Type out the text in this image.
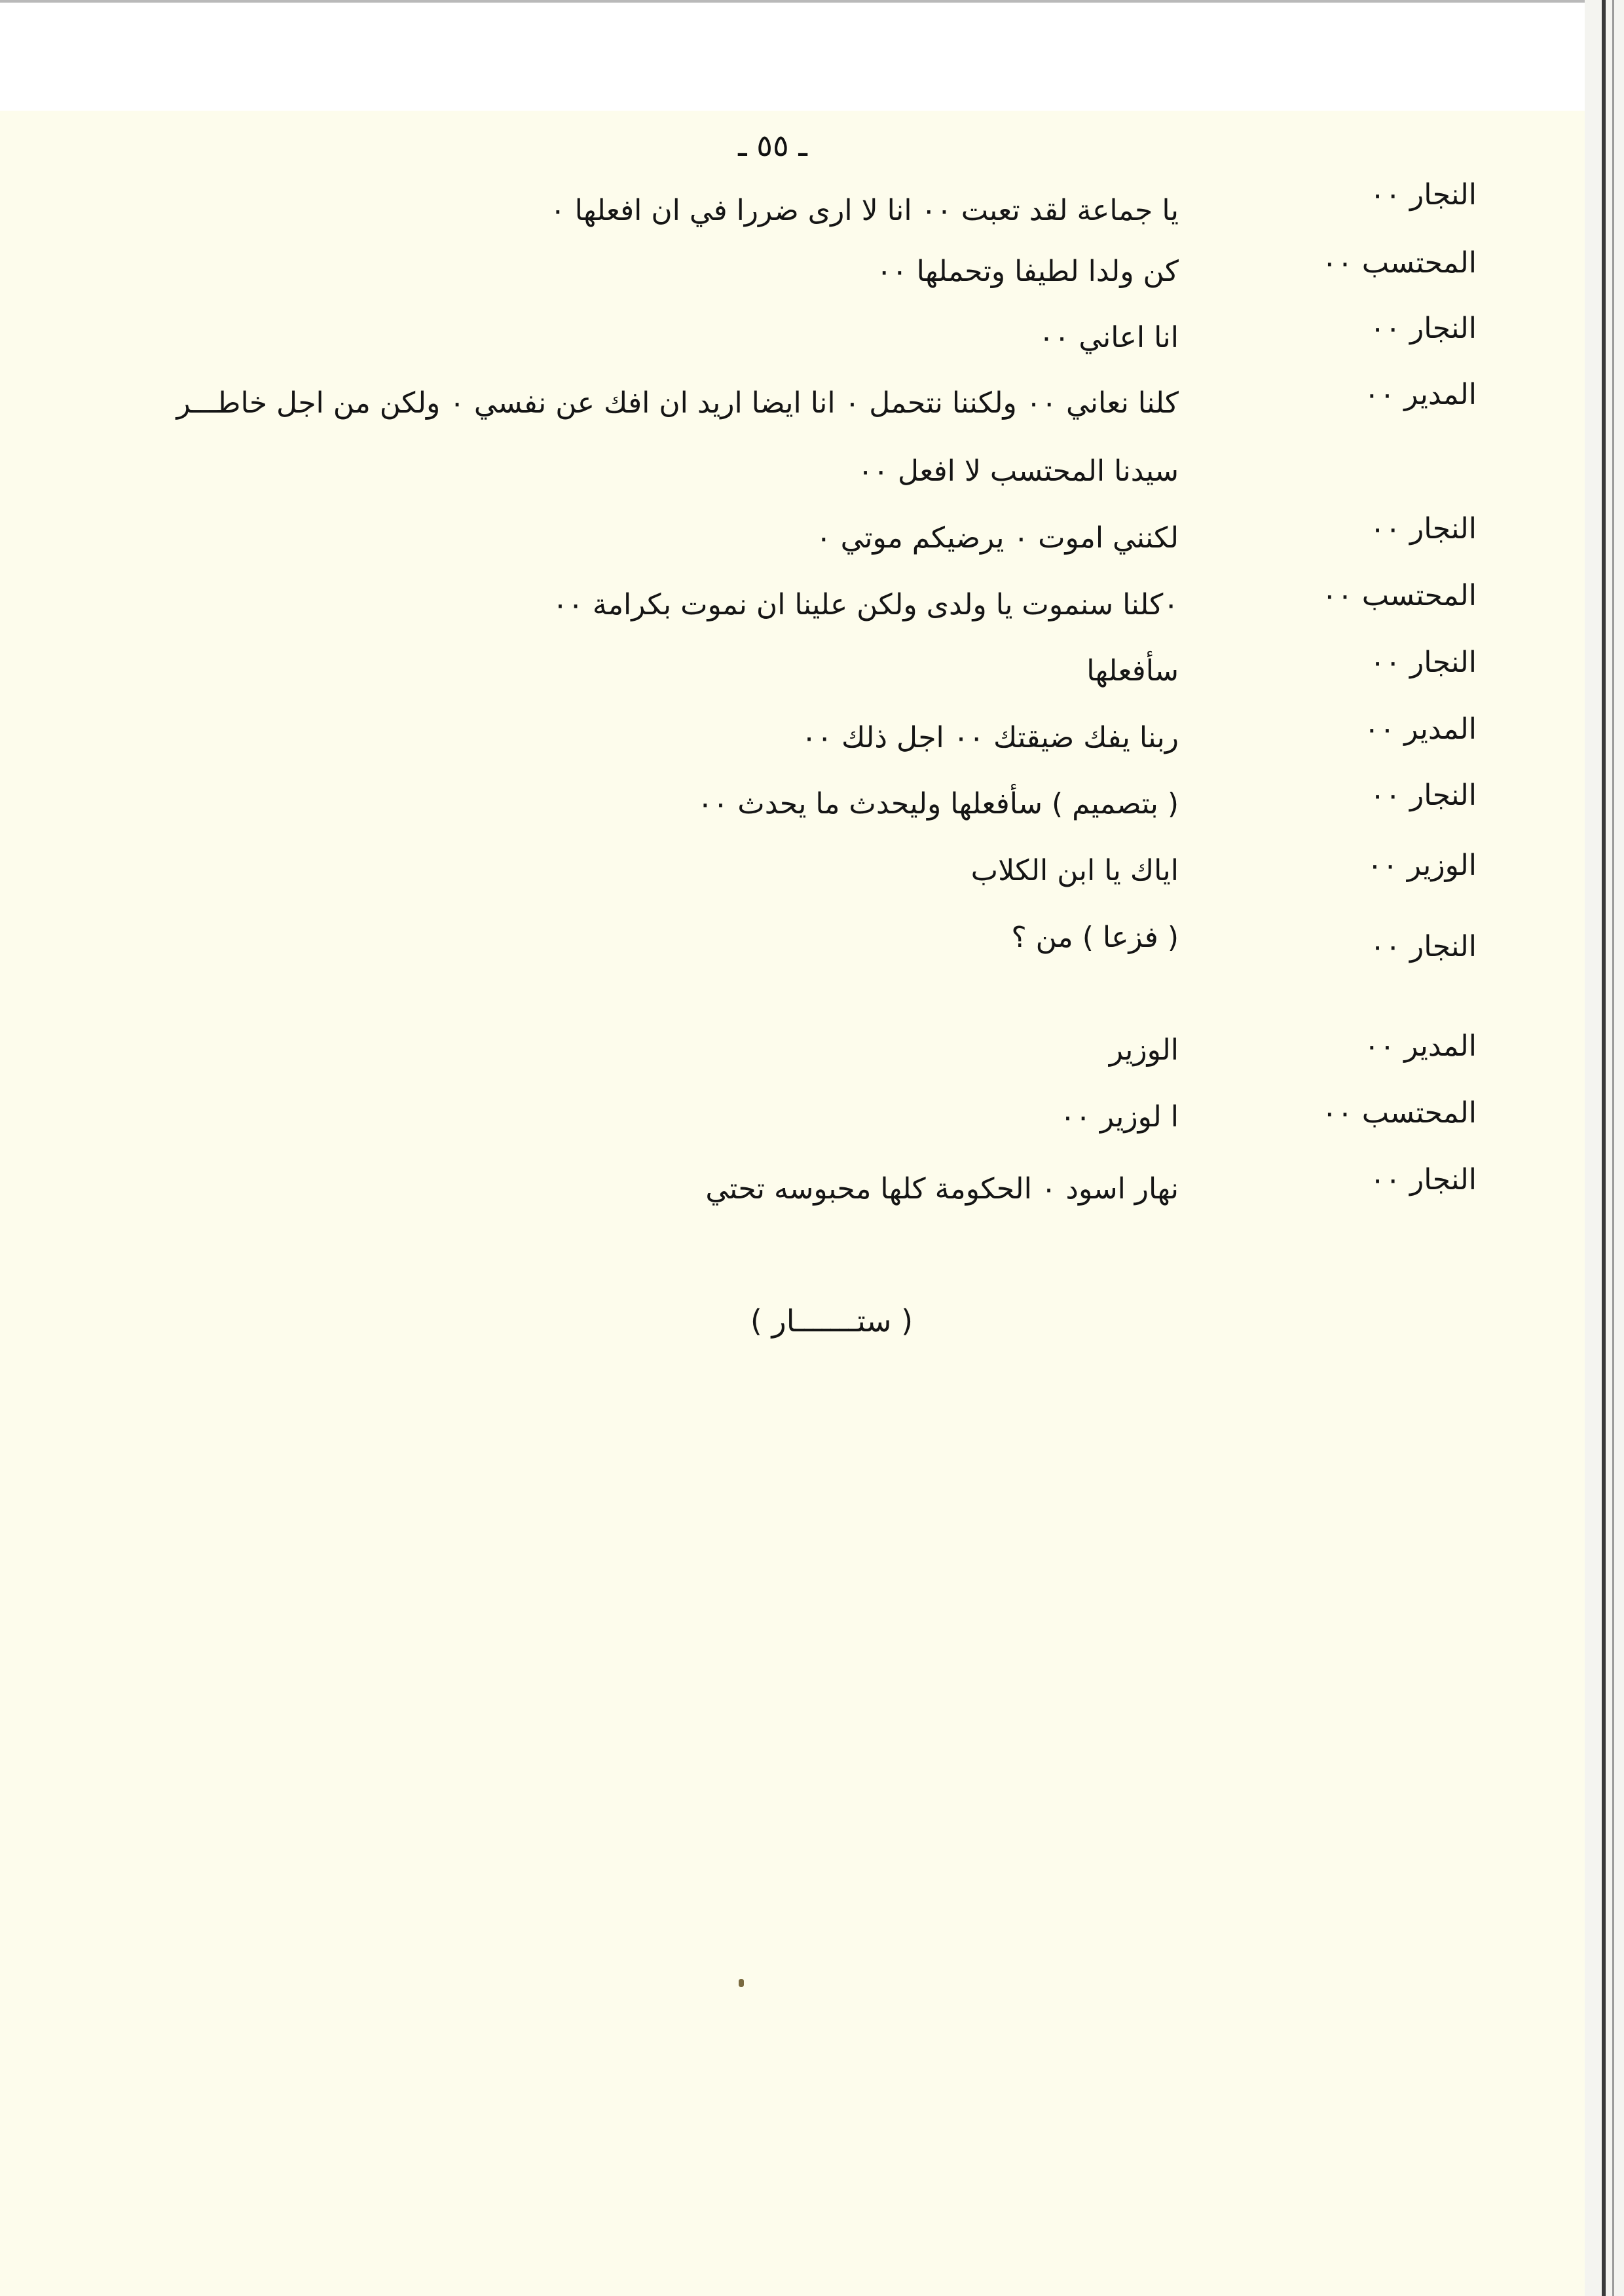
ـ ٥٥ ـ
النجار ٠٠
يا جماعة لقد تعبت ٠٠ انا لا ارى ضررا في ان افعلها ٠
المحتسب ٠٠
كن ولدا لطيفا وتحملها ٠٠
النجار ٠٠
انا اعاني ٠٠
المدير ٠٠
كلنا نعاني ٠٠ ولكننا نتحمل ٠ انا ايضا اريد ان افك عن نفسي ٠ ولكن من اجل خاطـــر
سيدنا المحتسب لا افعل ٠٠
النجار ٠٠
لكنني اموت ٠ يرضيكم موتي ٠
المحتسب ٠٠
٠كلنا سنموت يا ولدى ولكن علينا ان نموت بكرامة ٠٠
النجار ٠٠
سأفعلها
المدير ٠٠
ربنا يفك ضيقتك ٠٠ اجل ذلك ٠٠
النجار ٠٠
( بتصميم ) سأفعلها وليحدث ما يحدث ٠٠
الوزير ٠٠
اياك يا ابن الكلاب
النجار ٠٠
( فزعا ) من ؟
المدير ٠٠
الوزير
المحتسب ٠٠
ا لوزير ٠٠
النجار ٠٠
نهار اسود ٠ الحكومة كلها محبوسه تحتي
( ستـــــــار )
